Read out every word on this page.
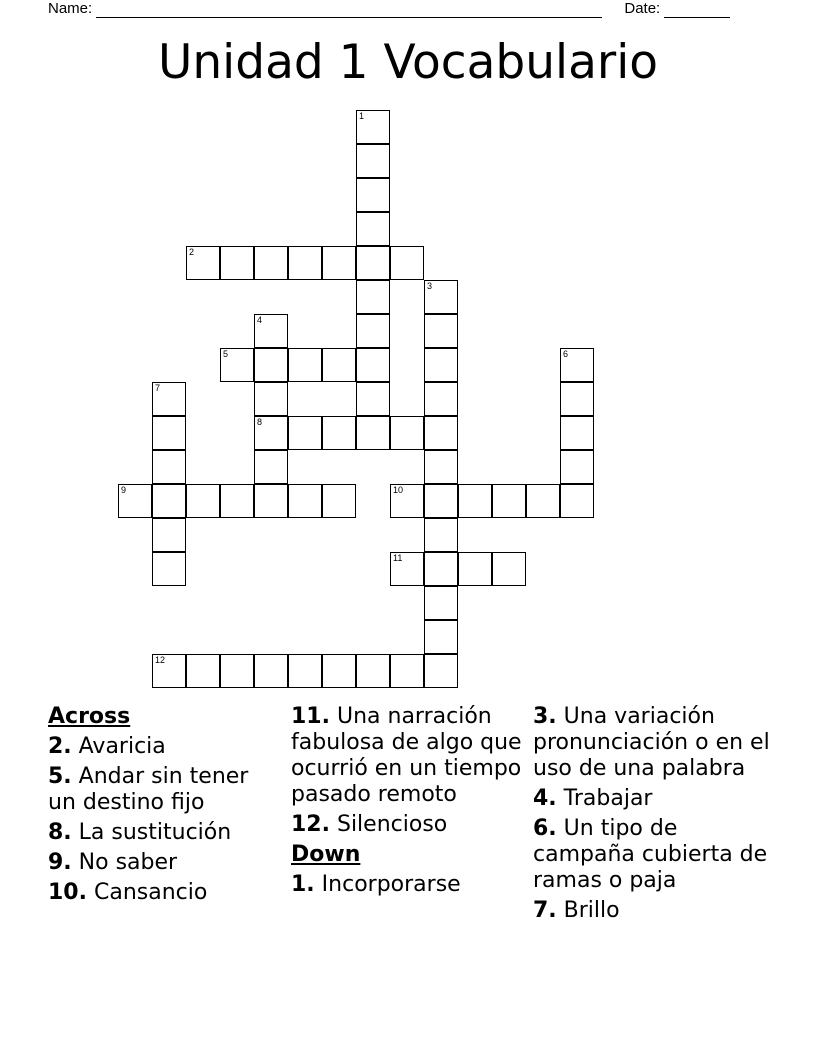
Name:	Date:
Unidad 1 Vocabulario
1
2
3
4
8
5	6
7
9	10
11
12
Across
2. Avaricia
5. Andar sin tener un destino fijo
8. La sustitución
9. No saber
10. Cansancio
11. Una narración fabulosa de algo que ocurrió en un tiempo pasado remoto
12. Silencioso
Down
1. Incorporarse
3. Una variación pronunciación o en el uso de una palabra
4. Trabajar
6. Un tipo de campaña cubierta de ramas o paja
7. Brillo
